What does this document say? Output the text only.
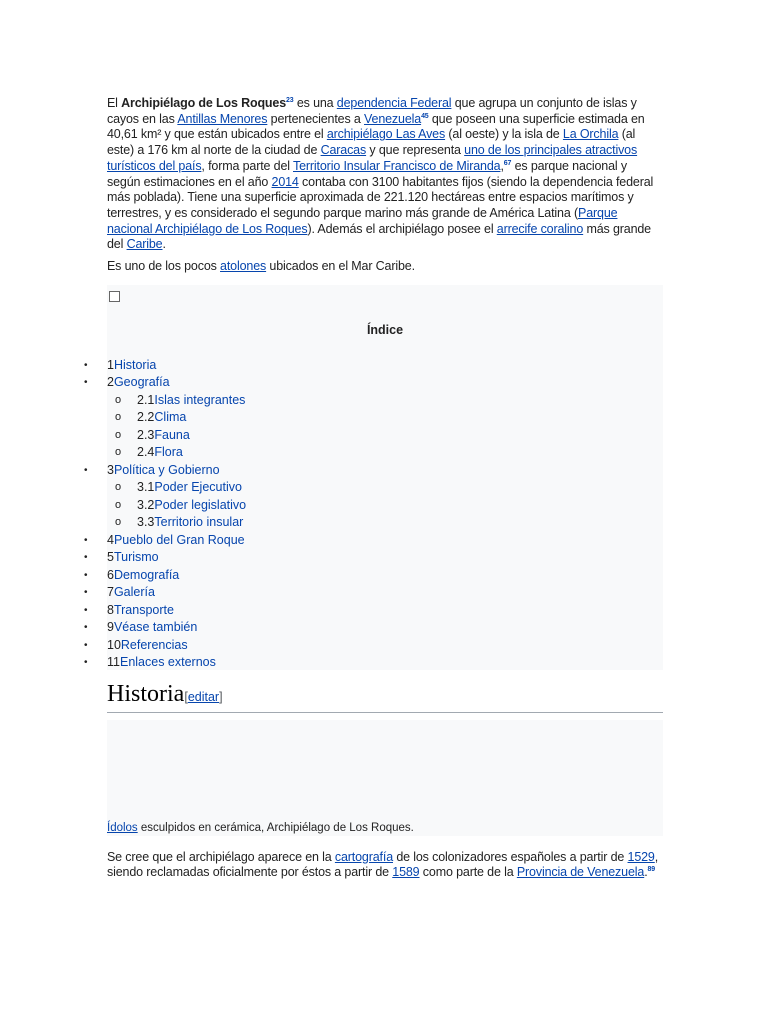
El Archipiélago de Los Roques$^{23}$ es una dependencia Federal que agrupa un conjunto de islas y cayos en las Antillas Menores pertenecientes a Venezuela$^{45}$ que poseen una superficie estimada en 40,61 km² y que están ubicados entre el archipiélago Las Aves (al oeste) y la isla de La Orchila (al este) a 176 km al norte de la ciudad de Caracas y que representa uno de los principales atractivos turísticos del país, forma parte del Territorio Insular Francisco de Miranda,$^{67}$ es parque nacional y según estimaciones en el año 2014 contaba con 3100 habitantes fijos (siendo la dependencia federal más poblada). Tiene una superficie aproximada de 221.120 hectáreas entre espacios marítimos y terrestres, y es considerado el segundo parque marino más grande de América Latina (Parque nacional Archipiélago de Los Roques). Además el archipiélago posee el arrecife coralino más grande del Caribe.

Es uno de los pocos atolones ubicados en el Mar Caribe.

Índice
• 1Historia
• 2Geografía
o 2.1Islas integrantes
o 2.2Clima
o 2.3Fauna
o 2.4Flora
• 3Política y Gobierno
o 3.1Poder Ejecutivo
o 3.2Poder legislativo
o 3.3Territorio insular
• 4Pueblo del Gran Roque
• 5Turismo
• 6Demografía
• 7Galería
• 8Transporte
• 9Véase también
• 10Referencias
• 11Enlaces externos
Historia[editar]
Ídolos esculpidos en cerámica, Archipiélago de Los Roques.

Se cree que el archipiélago aparece en la cartografía de los colonizadores españoles a partir de 1529, siendo reclamadas oficialmente por éstos a partir de 1589 como parte de la Provincia de Venezuela.$^{89}$
